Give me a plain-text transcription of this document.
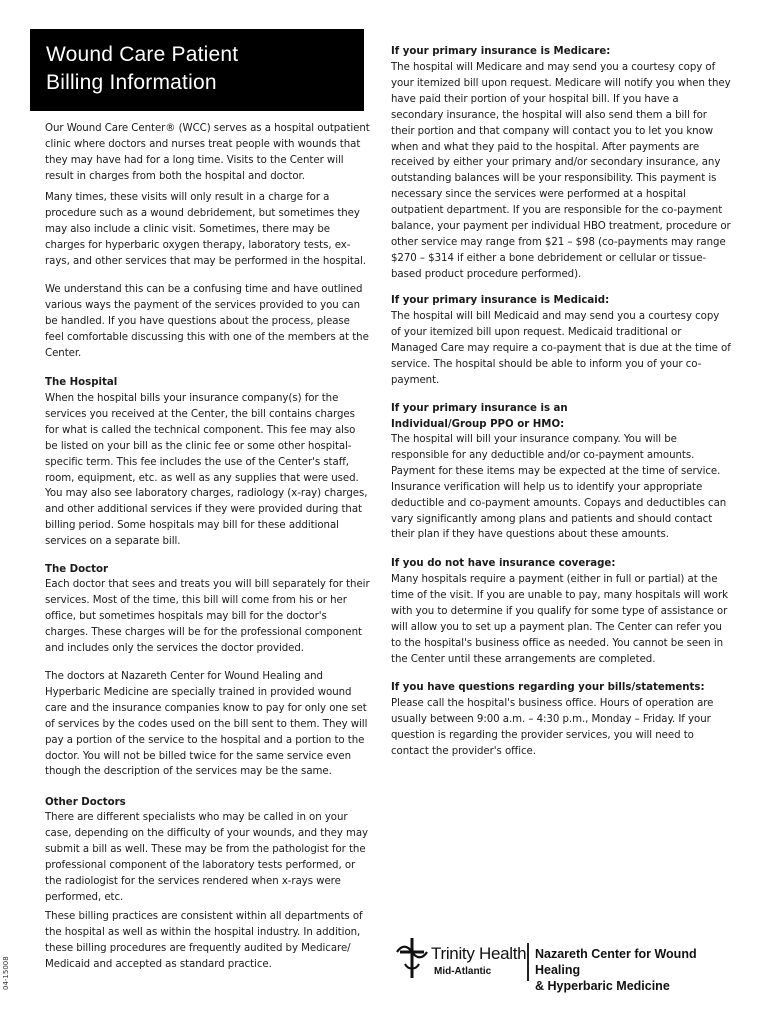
Wound Care Patient
Billing Information

Our Wound Care Center® (WCC) serves as a hospital outpatient clinic where doctors and nurses treat people with wounds that they may have had for a long time. Visits to the Center will result in charges from both the hospital and doctor.

Many times, these visits will only result in a charge for a procedure such as a wound debridement, but sometimes they may also include a clinic visit. Sometimes, there may be charges for hyperbaric oxygen therapy, laboratory tests, ex-rays, and other services that may be performed in the hospital.

We understand this can be a confusing time and have outlined various ways the payment of the services provided to you can be handled. If you have questions about the process, please feel comfortable discussing this with one of the members at the Center.

The Hospital

When the hospital bills your insurance company(s) for the services you received at the Center, the bill contains charges for what is called the technical component. This fee may also be listed on your bill as the clinic fee or some other hospital-specific term. This fee includes the use of the Center's staff, room, equipment, etc. as well as any supplies that were used. You may also see laboratory charges, radiology (x-ray) charges, and other additional services if they were provided during that billing period. Some hospitals may bill for these additional services on a separate bill.

The Doctor

Each doctor that sees and treats you will bill separately for their services. Most of the time, this bill will come from his or her office, but sometimes hospitals may bill for the doctor's charges. These charges will be for the professional component and includes only the services the doctor provided.

The doctors at Nazareth Center for Wound Healing and Hyperbaric Medicine are specially trained in provided wound care and the insurance companies know to pay for only one set of services by the codes used on the bill sent to them. They will pay a portion of the service to the hospital and a portion to the doctor. You will not be billed twice for the same service even though the description of the services may be the same.

Other Doctors

There are different specialists who may be called in on your case, depending on the difficulty of your wounds, and they may submit a bill as well. These may be from the pathologist for the professional component of the laboratory tests performed, or the radiologist for the services rendered when x-rays were performed, etc.

These billing practices are consistent within all departments of the hospital as well as within the hospital industry. In addition, these billing procedures are frequently audited by Medicare/ Medicaid and accepted as standard practice.

If your primary insurance is Medicare:

The hospital will Medicare and may send you a courtesy copy of your itemized bill upon request. Medicare will notify you when they have paid their portion of your hospital bill. If you have a secondary insurance, the hospital will also send them a bill for their portion and that company will contact you to let you know when and what they paid to the hospital. After payments are received by either your primary and/or secondary insurance, any outstanding balances will be your responsibility. This payment is necessary since the services were performed at a hospital outpatient department. If you are responsible for the co-payment balance, your payment per individual HBO treatment, procedure or other service may range from $21 – $98 (co-payments may range $270 – $314 if either a bone debridement or cellular or tissue-based product procedure performed).

If your primary insurance is Medicaid:

The hospital will bill Medicaid and may send you a courtesy copy of your itemized bill upon request. Medicaid traditional or Managed Care may require a co-payment that is due at the time of service. The hospital should be able to inform you of your co-payment.

If your primary insurance is an Individual/Group PPO or HMO:

The hospital will bill your insurance company. You will be responsible for any deductible and/or co-payment amounts. Payment for these items may be expected at the time of service. Insurance verification will help us to identify your appropriate deductible and co-payment amounts. Copays and deductibles can vary significantly among plans and patients and should contact their plan if they have questions about these amounts.

If you do not have insurance coverage:

Many hospitals require a payment (either in full or partial) at the time of the visit. If you are unable to pay, many hospitals will work with you to determine if you qualify for some type of assistance or will allow you to set up a payment plan. The Center can refer you to the hospital's business office as needed. You cannot be seen in the Center until these arrangements are completed.

If you have questions regarding your bills/statements:

Please call the hospital's business office. Hours of operation are usually between 9:00 a.m. – 4:30 p.m., Monday – Friday. If your question is regarding the provider services, you will need to contact the provider's office.

Trinity Health
Mid-Atlantic
Nazareth Center for Wound Healing
& Hyperbaric Medicine
04-15008
